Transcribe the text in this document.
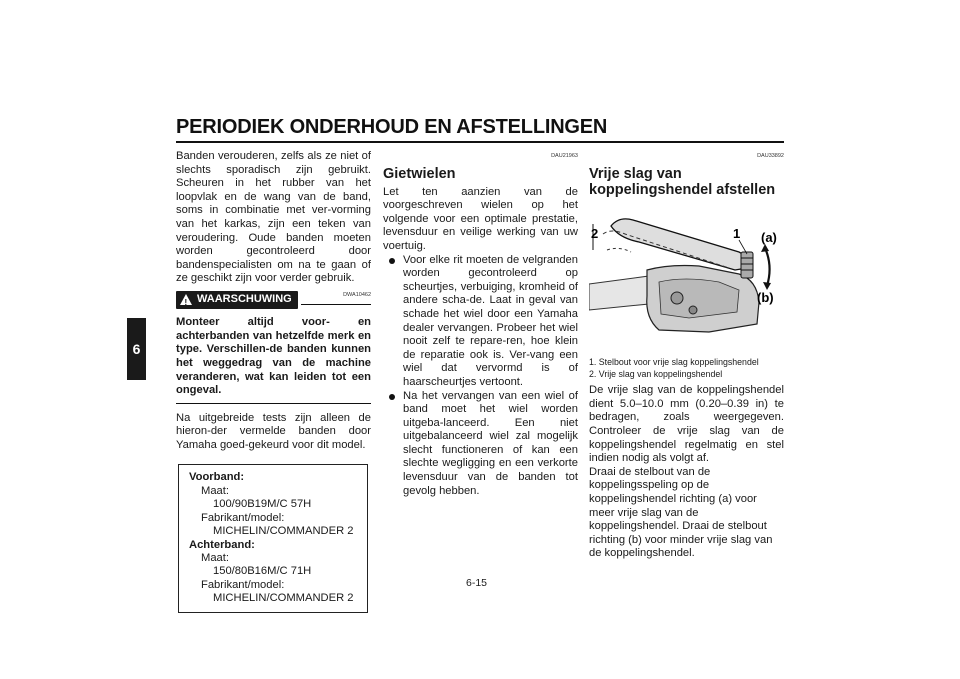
PERIODIEK ONDERHOUD EN AFSTELLINGEN
6

Banden verouderen, zelfs als ze niet of slechts sporadisch zijn gebruikt. Scheuren in het rubber van het loopvlak en de wang van de band, soms in combinatie met ver-vorming van het karkas, zijn een teken van veroudering. Oude banden moeten worden gecontroleerd door bandenspecialisten om na te gaan of ze geschikt zijn voor verder gebruik.

! WAARSCHUWING	DWA10462

Monteer altijd voor- en achterbanden van hetzelfde merk en type. Verschillen-de banden kunnen het weggedrag van de machine veranderen, wat kan leiden tot een ongeval.

Na uitgebreide tests zijn alleen de hieron-der vermelde banden door Yamaha goed-gekeurd voor dit model.

Voorband:
Maat:
100/90B19M/C 57H
Fabrikant/model:
MICHELIN/COMMANDER 2
Achterband:
Maat:
150/80B16M/C 71H
Fabrikant/model:
MICHELIN/COMMANDER 2
DAU21963
Gietwielen

Let ten aanzien van de voorgeschreven wielen op het volgende voor een optimale prestatie, levensduur en veilige werking van uw voertuig.

Voor elke rit moeten de velgranden worden gecontroleerd op scheurtjes, verbuiging, kromheid of andere scha-de. Laat in geval van schade het wiel door een Yamaha dealer vervangen. Probeer het wiel nooit zelf te repare-ren, hoe klein de reparatie ook is. Ver-vang een wiel dat vervormd is of haarscheurtjes vertoont.
Na het vervangen van een wiel of band moet het wiel worden uitgeba-lanceerd. Een niet uitgebalanceerd wiel zal mogelijk slecht functioneren of kan een slechte wegligging en een verkorte levensduur van de banden tot gevolg hebben.
DAU33892
Vrije slag van koppelingshendel afstellen
2	1 (a)
(b)
1. Stelbout voor vrije slag koppelingshendel
2. Vrije slag van koppelingshendel

De vrije slag van de koppelingshendel dient 5.0–10.0 mm (0.20–0.39 in) te bedragen, zoals weergegeven. Controleer de vrije slag van de koppelingshendel regelmatig en stel indien nodig als volgt af.

Draai de stelbout van de koppelingsspeling op de koppelingshendel richting (a) voor meer vrije slag van de koppelingshendel. Draai de stelbout richting (b) voor minder vrije slag van de koppelingshendel.

6-15
